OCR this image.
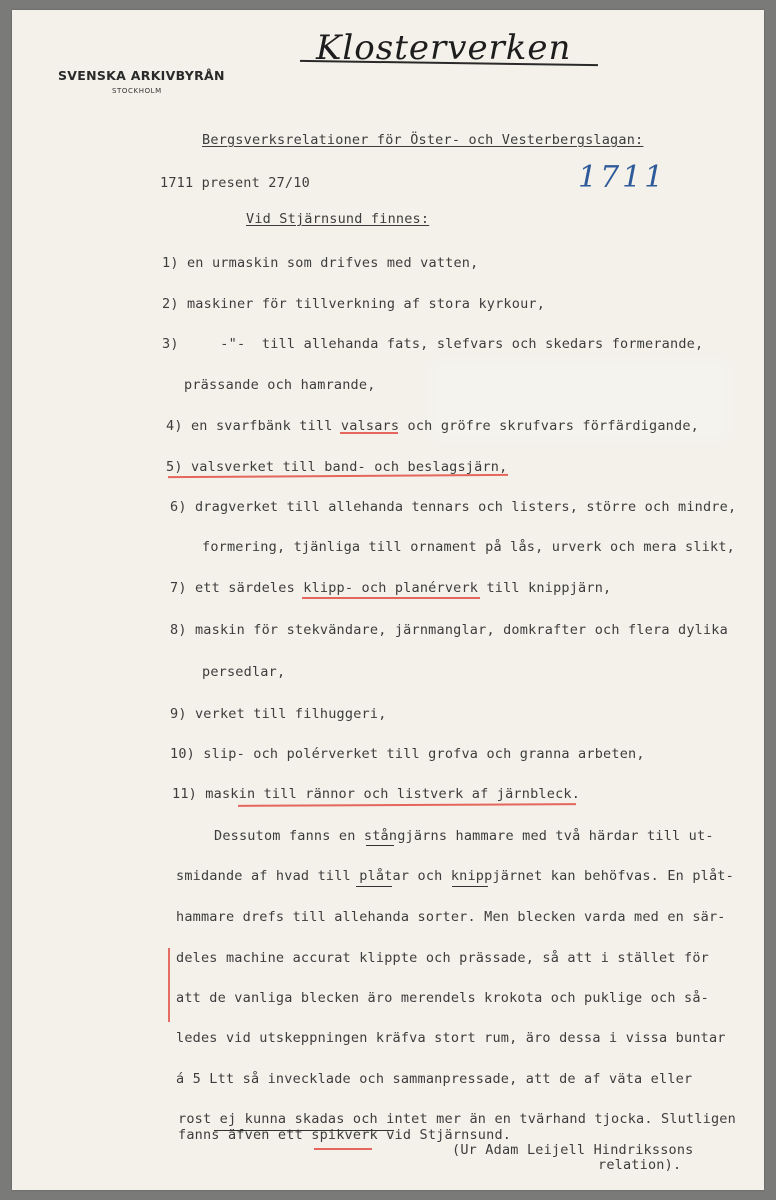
SVENSKA ARKIVBYRÅN
STOCKHOLM
Klosterverken
1711
Bergsverksrelationer för Öster- och Vesterbergslagan:
1711 present 27/10
Vid Stjärnsund finnes:
1) en urmaskin som drifves med vatten,
2) maskiner för tillverkning af stora kyrkour,
3)     -"-  till allehanda fats, slefvars och skedars formerande,
prässande och hamrande,
4) en svarfbänk till valsars och gröfre skrufvars förfärdigande,
5) valsverket till band- och beslagsjärn,
6) dragverket till allehanda tennars och listers, större och mindre,
formering, tjänliga till ornament på lås, urverk och mera slikt,
7) ett särdeles klipp- och planérverk till knippjärn,
8) maskin för stekvändare, järnmanglar, domkrafter och flera dylika
persedlar,
9) verket till filhuggeri,
10) slip- och polérverket till grofva och granna arbeten,
11) maskin till rännor och listverk af järnbleck.
Dessutom fanns en stångjärns hammare med två härdar till ut-
smidande af hvad till plåtar och knippjärnet kan behöfvas. En plåt-
hammare drefs till allehanda sorter. Men blecken varda med en sär-
deles machine accurat klippte och prässade, så att i stället för
att de vanliga blecken äro merendels krokota och puklige och så-
ledes vid utskeppningen kräfva stort rum, äro dessa i vissa buntar
á 5 Ltt så invecklade och sammanpressade, att de af väta eller
rost ej kunna skadas och intet mer än en tvärhand tjocka. Slutligen
fanns äfven ett spikverk vid Stjärnsund.
(Ur Adam Leijell Hindrikssons
relation).
